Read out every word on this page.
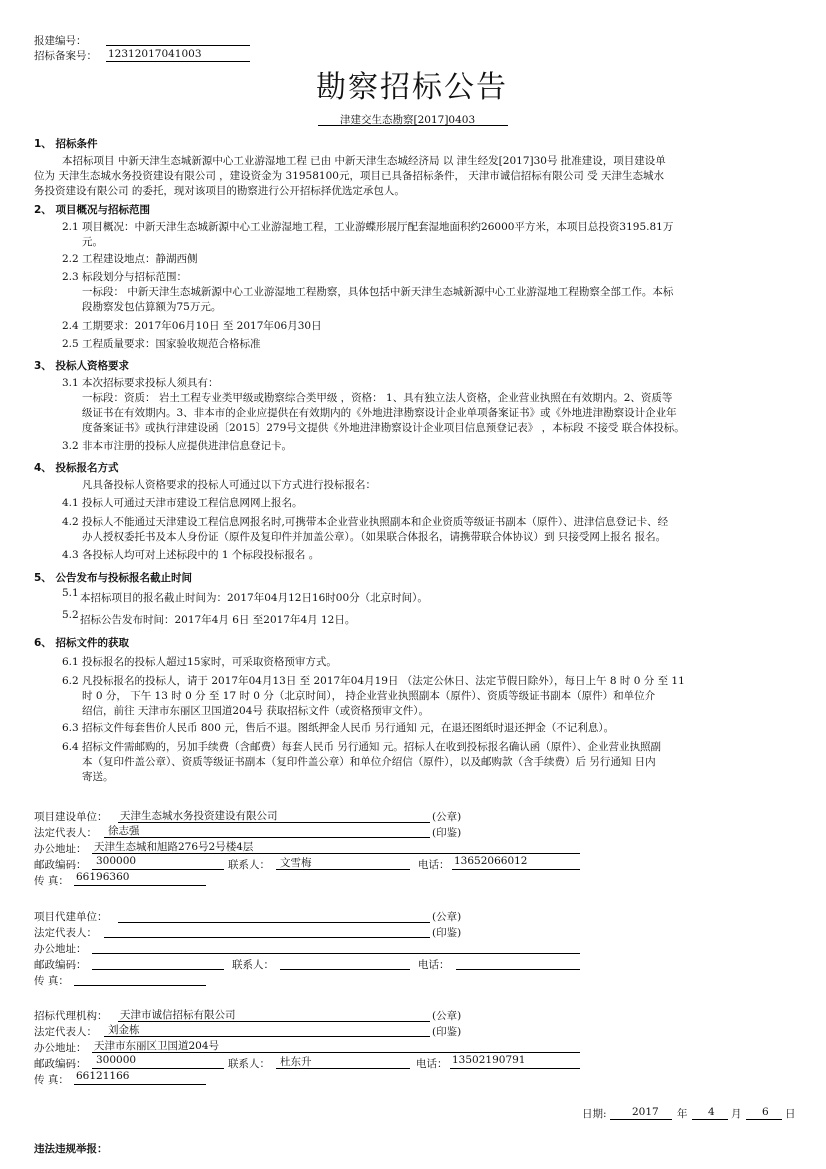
报建编号：
招标备案号： 12312017041003
勘察招标公告
津建交生态勘察[2017]0403
1、 招标条件
本招标项目 中新天津生态城新源中心工业游湿地工程 已由 中新天津生态城经济局 以 津生经发[2017]30号 批准建设，项目建设单
位为 天津生态城水务投资建设有限公司 ，建设资金为 31958100元，项目已具备招标条件， 天津市诚信招标有限公司 受 天津生态城水
务投资建设有限公司 的委托，现对该项目的勘察进行公开招标择优选定承包人。
2、 项目概况与招标范围
2.1 项目概况：中新天津生态城新源中心工业游湿地工程，工业游蝶形展厅配套湿地面积约26000平方米，本项目总投资3195.81万
元。
2.2 工程建设地点：静湖西侧
2.3 标段划分与招标范围：
一标段： 中新天津生态城新源中心工业游湿地工程勘察，具体包括中新天津生态城新源中心工业游湿地工程勘察全部工作。本标
段勘察发包估算额为75万元。
2.4 工期要求：2017年06月10日 至 2017年06月30日
2.5 工程质量要求：国家验收规范合格标准
3、 投标人资格要求
3.1 本次招标要求投标人须具有：
一标段：资质： 岩土工程专业类甲级或勘察综合类甲级 ，资格： 1、具有独立法人资格，企业营业执照在有效期内。2、资质等
级证书在有效期内。3、非本市的企业应提供在有效期内的《外地进津勘察设计企业单项备案证书》或《外地进津勘察设计企业年
度备案证书》或执行津建设函〔2015〕279号文提供《外地进津勘察设计企业项目信息预登记表》 ，本标段 不接受 联合体投标。
3.2 非本市注册的投标人应提供进津信息登记卡。
4、 投标报名方式
凡具备投标人资格要求的投标人可通过以下方式进行投标报名：
4.1 投标人可通过天津市建设工程信息网网上报名。
4.2 投标人不能通过天津建设工程信息网报名时,可携带本企业营业执照副本和企业资质等级证书副本（原件）、进津信息登记卡、经
办人授权委托书及本人身份证（原件及复印件并加盖公章）。（如果联合体报名，请携带联合体协议）到 只接受网上报名 报名。
4.3 各投标人均可对上述标段中的 1 个标段投标报名 。
5、 公告发布与投标报名截止时间
5.1 本招标项目的报名截止时间为：2017年04月12日16时00分（北京时间）。
5.2 招标公告发布时间：2017年4月 6日 至2017年4月 12日。
6、 招标文件的获取
6.1 投标报名的投标人超过15家时，可采取资格预审方式。
6.2 凡投标报名的投标人，请于 2017年04月13日 至 2017年04月19日 （法定公休日、法定节假日除外），每日上午 8 时 0 分 至 11
时 0 分， 下午 13 时 0 分 至 17 时 0 分（北京时间）， 持企业营业执照副本（原件）、资质等级证书副本（原件）和单位介
绍信，前往 天津市东丽区卫国道204号 获取招标文件（或资格预审文件）。
6.3 招标文件每套售价人民币 800 元，售后不退。图纸押金人民币 另行通知 元，在退还图纸时退还押金（不记利息）。
6.4 招标文件需邮购的，另加手续费（含邮费）每套人民币 另行通知 元。招标人在收到投标报名确认函（原件）、企业营业执照副
本（复印件盖公章）、资质等级证书副本（复印件盖公章）和单位介绍信（原件），以及邮购款（含手续费）后 另行通知 日内
寄送。
项目建设单位： 天津生态城水务投资建设有限公司	(公章)
法定代表人： 徐志强	(印鉴)
办公地址： 天津生态城和旭路276号2号楼4层
邮政编码： 300000	联系人： 文雪梅	电话： 13652066012
传 真： 66196360
项目代建单位：	(公章)
法定代表人：	(印鉴)
办公地址：
邮政编码：	联系人：	电话：
传 真：
招标代理机构： 天津市诚信招标有限公司	(公章)
法定代表人： 刘金栋	(印鉴)
办公地址： 天津市东丽区卫国道204号
邮政编码： 300000	联系人： 杜东升	电话： 13502190791
传 真： 66121166
日期: 2017 年 4 月 6 日
违法违规举报：
